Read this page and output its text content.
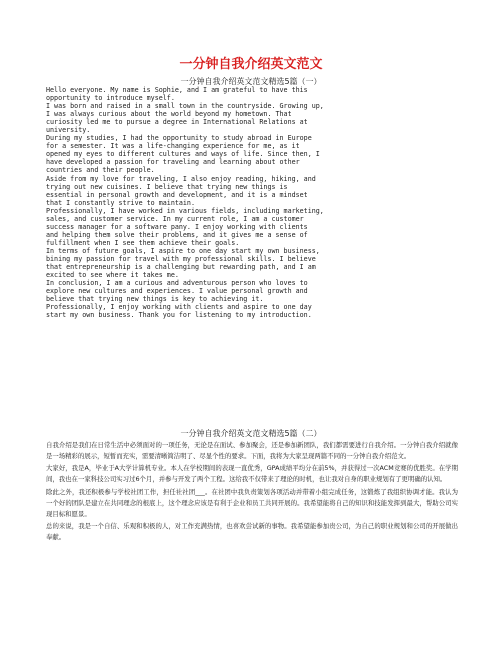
一分钟自我介绍英文范文
一分钟自我介绍英文范文精选5篇（一）

Hello everyone. My name is Sophie, and I am grateful to have this

opportunity to introduce myself.

I was born and raised in a small town in the countryside. Growing up,

I was always curious about the world beyond my hometown. That

curiosity led me to pursue a degree in International Relations at

university.

During my studies, I had the opportunity to study abroad in Europe

for a semester. It was a life-changing experience for me, as it

opened my eyes to different cultures and ways of life. Since then, I

have developed a passion for traveling and learning about other

countries and their people.

Aside from my love for traveling, I also enjoy reading, hiking, and

trying out new cuisines. I believe that trying new things is

essential in personal growth and development, and it is a mindset

that I constantly strive to maintain.

Professionally, I have worked in various fields, including marketing,

sales, and customer service. In my current role, I am a customer

success manager for a software pany. I enjoy working with clients

and helping them solve their problems, and it gives me a sense of

fulfillment when I see them achieve their goals.

In terms of future goals, I aspire to one day start my own business,

bining my passion for travel with my professional skills. I believe

that entrepreneurship is a challenging but rewarding path, and I am

excited to see where it takes me.

In conclusion, I am a curious and adventurous person who loves to

explore new cultures and experiences. I value personal growth and

believe that trying new things is key to achieving it.

Professionally, I enjoy working with clients and aspire to one day

start my own business. Thank you for listening to my introduction.

一分钟自我介绍英文范文精选5篇（二）

自我介绍是我们在日常生活中必须面对的一项任务，无论是在面试、参加聚会，还是参加新团队，我们都需要进行自我介绍。一分钟自我介绍就像是一场精彩的展示，短暂而充实，需要清晰简洁明了、尽显个性的要求。下面，我将为大家呈现两篇不同的一分钟自我介绍范文。

大家好，我是A，毕业于A大学计算机专业。本人在学校期间的表现一直优秀，GPA成绩平均分在前5%，并获得过一次ACM竞赛的优胜奖。在学期间，我也在一家科技公司实习过6个月，并参与开发了两个工程。这给我不仅带来了理论的时机，也让我对自身的职业规划有了更明确的认知。

除此之外，我还积极参与学校社团工作，担任社社团___。在社团中我负责策划各项活动并带着小组完成任务，这锻炼了我组织协调才能。我认为一个好的团队是建立在共同理念的根底上，这个理念应该是有利于企业和员工共同开展的。我希望能将自己的知识和技能发挥到最大，帮助公司实现目标和愿景。

总的来说，我是一个自信、乐观和积极的人，对工作充满热情，也喜欢尝试新的事物。我希望能参加贵公司，为自己的职业规划和公司的开展做出奉献。
